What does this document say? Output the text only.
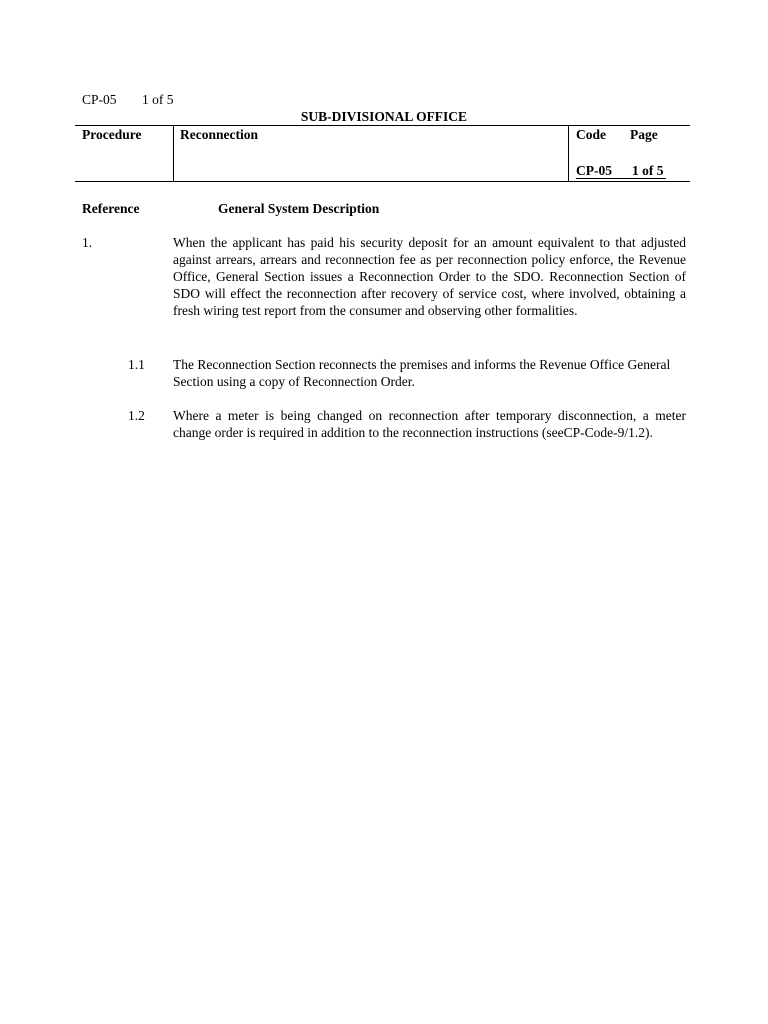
CP-05 1 of 5
SUB-DIVISIONAL OFFICE
Procedure	Reconnection	Code Page
CP-05 1 of 5
Reference	General System Description
1.	When the applicant has paid his security deposit for an amount equivalent to that adjusted against arrears, arrears and reconnection fee as per reconnection policy enforce, the Revenue Office, General Section issues a Reconnection Order to the SDO. Reconnection Section of SDO will effect the reconnection after recovery of service cost, where involved, obtaining a fresh wiring test report from the consumer and observing other formalities.
1.1 The Reconnection Section reconnects the premises and informs the Revenue Office General Section using a copy of Reconnection Order.
1.2 Where a meter is being changed on reconnection after temporary disconnection, a meter change order is required in addition to the reconnection instructions (seeCP-Code-9/1.2).
